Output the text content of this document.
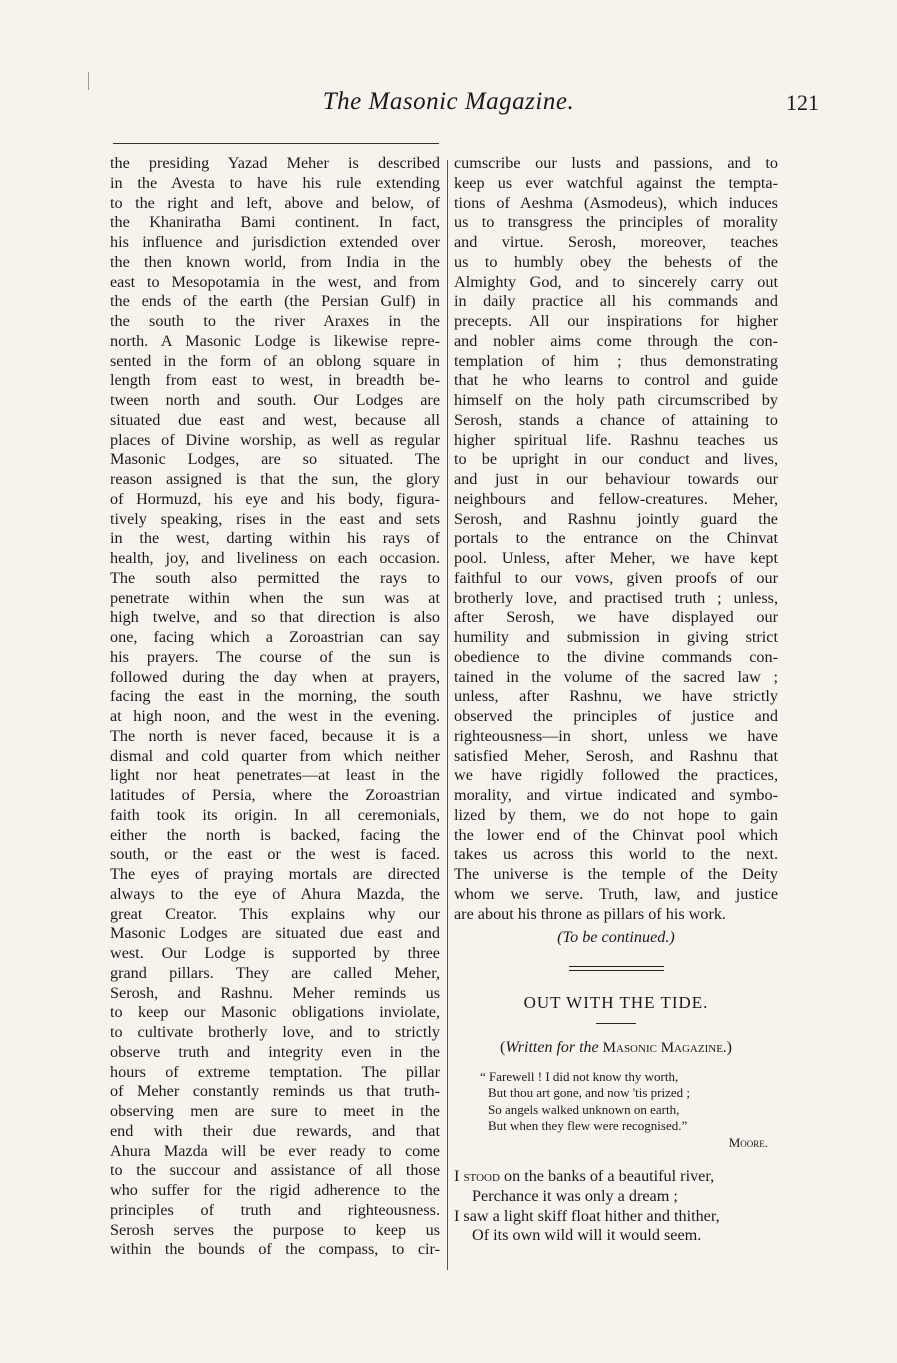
The Masonic Magazine.	121

the presiding Yazad Meher is described

in the Avesta to have his rule extending

to the right and left, above and below, of

the Khaniratha Bami continent. In fact,

his influence and jurisdiction extended over

the then known world, from India in the

east to Mesopotamia in the west, and from

the ends of the earth (the Persian Gulf) in

the south to the river Araxes in the

north. A Masonic Lodge is likewise repre-

sented in the form of an oblong square in

length from east to west, in breadth be-

tween north and south. Our Lodges are

situated due east and west, because all

places of Divine worship, as well as regular

Masonic Lodges, are so situated. The

reason assigned is that the sun, the glory

of Hormuzd, his eye and his body, figura-

tively speaking, rises in the east and sets

in the west, darting within his rays of

health, joy, and liveliness on each occasion.

The south also permitted the rays to

penetrate within when the sun was at

high twelve, and so that direction is also

one, facing which a Zoroastrian can say

his prayers. The course of the sun is

followed during the day when at prayers,

facing the east in the morning, the south

at high noon, and the west in the evening.

The north is never faced, because it is a

dismal and cold quarter from which neither

light nor heat penetrates—at least in the

latitudes of Persia, where the Zoroastrian

faith took its origin. In all ceremonials,

either the north is backed, facing the

south, or the east or the west is faced.

The eyes of praying mortals are directed

always to the eye of Ahura Mazda, the

great Creator. This explains why our

Masonic Lodges are situated due east and

west. Our Lodge is supported by three

grand pillars. They are called Meher,

Serosh, and Rashnu. Meher reminds us

to keep our Masonic obligations inviolate,

to cultivate brotherly love, and to strictly

observe truth and integrity even in the

hours of extreme temptation. The pillar

of Meher constantly reminds us that truth-

observing men are sure to meet in the

end with their due rewards, and that

Ahura Mazda will be ever ready to come

to the succour and assistance of all those

who suffer for the rigid adherence to the

principles of truth and righteousness.

Serosh serves the purpose to keep us

within the bounds of the compass, to cir-

cumscribe our lusts and passions, and to

keep us ever watchful against the tempta-

tions of Aeshma (Asmodeus), which induces

us to transgress the principles of morality

and virtue. Serosh, moreover, teaches

us to humbly obey the behests of the

Almighty God, and to sincerely carry out

in daily practice all his commands and

precepts. All our inspirations for higher

and nobler aims come through the con-

templation of him ; thus demonstrating

that he who learns to control and guide

himself on the holy path circumscribed by

Serosh, stands a chance of attaining to

higher spiritual life. Rashnu teaches us

to be upright in our conduct and lives,

and just in our behaviour towards our

neighbours and fellow-creatures. Meher,

Serosh, and Rashnu jointly guard the

portals to the entrance on the Chinvat

pool. Unless, after Meher, we have kept

faithful to our vows, given proofs of our

brotherly love, and practised truth ; unless,

after Serosh, we have displayed our

humility and submission in giving strict

obedience to the divine commands con-

tained in the volume of the sacred law ;

unless, after Rashnu, we have strictly

observed the principles of justice and

righteousness—in short, unless we have

satisfied Meher, Serosh, and Rashnu that

we have rigidly followed the practices,

morality, and virtue indicated and symbo-

lized by them, we do not hope to gain

the lower end of the Chinvat pool which

takes us across this world to the next.

The universe is the temple of the Deity

whom we serve. Truth, law, and justice

are about his throne as pillars of his work.

(To be continued.)
OUT WITH THE TIDE.
(Written for the Masonic Magazine.)
“ Farewell ! I did not know thy worth,
But thou art gone, and now 'tis prized ;
So angels walked unknown on earth,
But when they flew were recognised.”
Moore.
I stood on the banks of a beautiful river,
Perchance it was only a dream ;
I saw a light skiff float hither and thither,
Of its own wild will it would seem.
